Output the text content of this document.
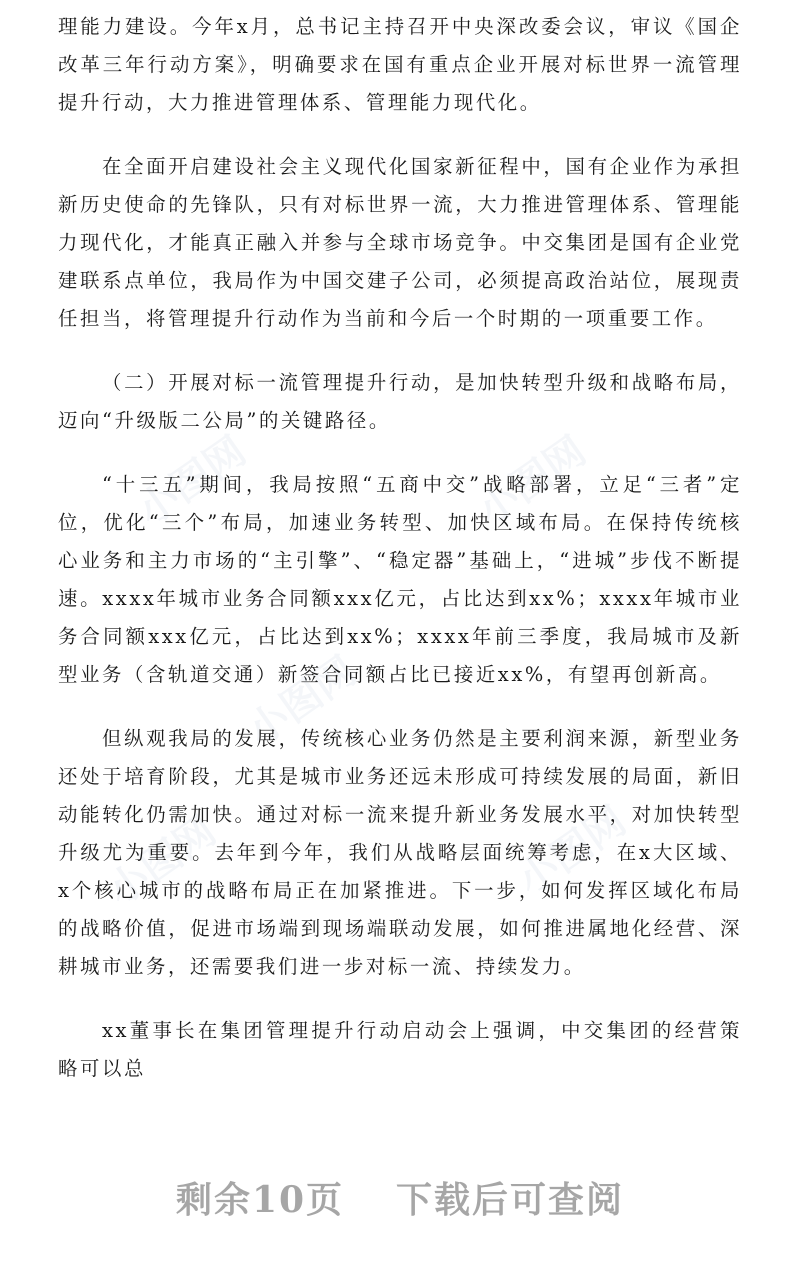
小图网	小图网
小图网
小图网
小图网

理能力建设。今年x月，总书记主持召开中央深改委会议，审议《国企改革三年行动方案》，明确要求在国有重点企业开展对标世界一流管理提升行动，大力推进管理体系、管理能力现代化。

在全面开启建设社会主义现代化国家新征程中，国有企业作为承担新历史使命的先锋队，只有对标世界一流，大力推进管理体系、管理能力现代化，才能真正融入并参与全球市场竞争。中交集团是国有企业党建联系点单位，我局作为中国交建子公司，必须提高政治站位，展现责任担当，将管理提升行动作为当前和今后一个时期的一项重要工作。

（二）开展对标一流管理提升行动，是加快转型升级和战略布局，迈向“升级版二公局”的关键路径。

“十三五”期间，我局按照“五商中交”战略部署，立足“三者”定位，优化“三个”布局，加速业务转型、加快区域布局。在保持传统核心业务和主力市场的“主引擎”、“稳定器”基础上，“进城”步伐不断提速。xxxx年城市业务合同额xxx亿元，占比达到xx%；xxxx年城市业务合同额xxx亿元，占比达到xx%；xxxx年前三季度，我局城市及新型业务（含轨道交通）新签合同额占比已接近xx%，有望再创新高。

但纵观我局的发展，传统核心业务仍然是主要利润来源，新型业务还处于培育阶段，尤其是城市业务还远未形成可持续发展的局面，新旧动能转化仍需加快。通过对标一流来提升新业务发展水平，对加快转型升级尤为重要。去年到今年，我们从战略层面统筹考虑，在x大区域、x个核心城市的战略布局正在加紧推进。下一步，如何发挥区域化布局的战略价值，促进市场端到现场端联动发展，如何推进属地化经营、深耕城市业务，还需要我们进一步对标一流、持续发力。

xx董事长在集团管理提升行动启动会上强调，中交集团的经营策略可以总

剩余10页 下载后可查阅
